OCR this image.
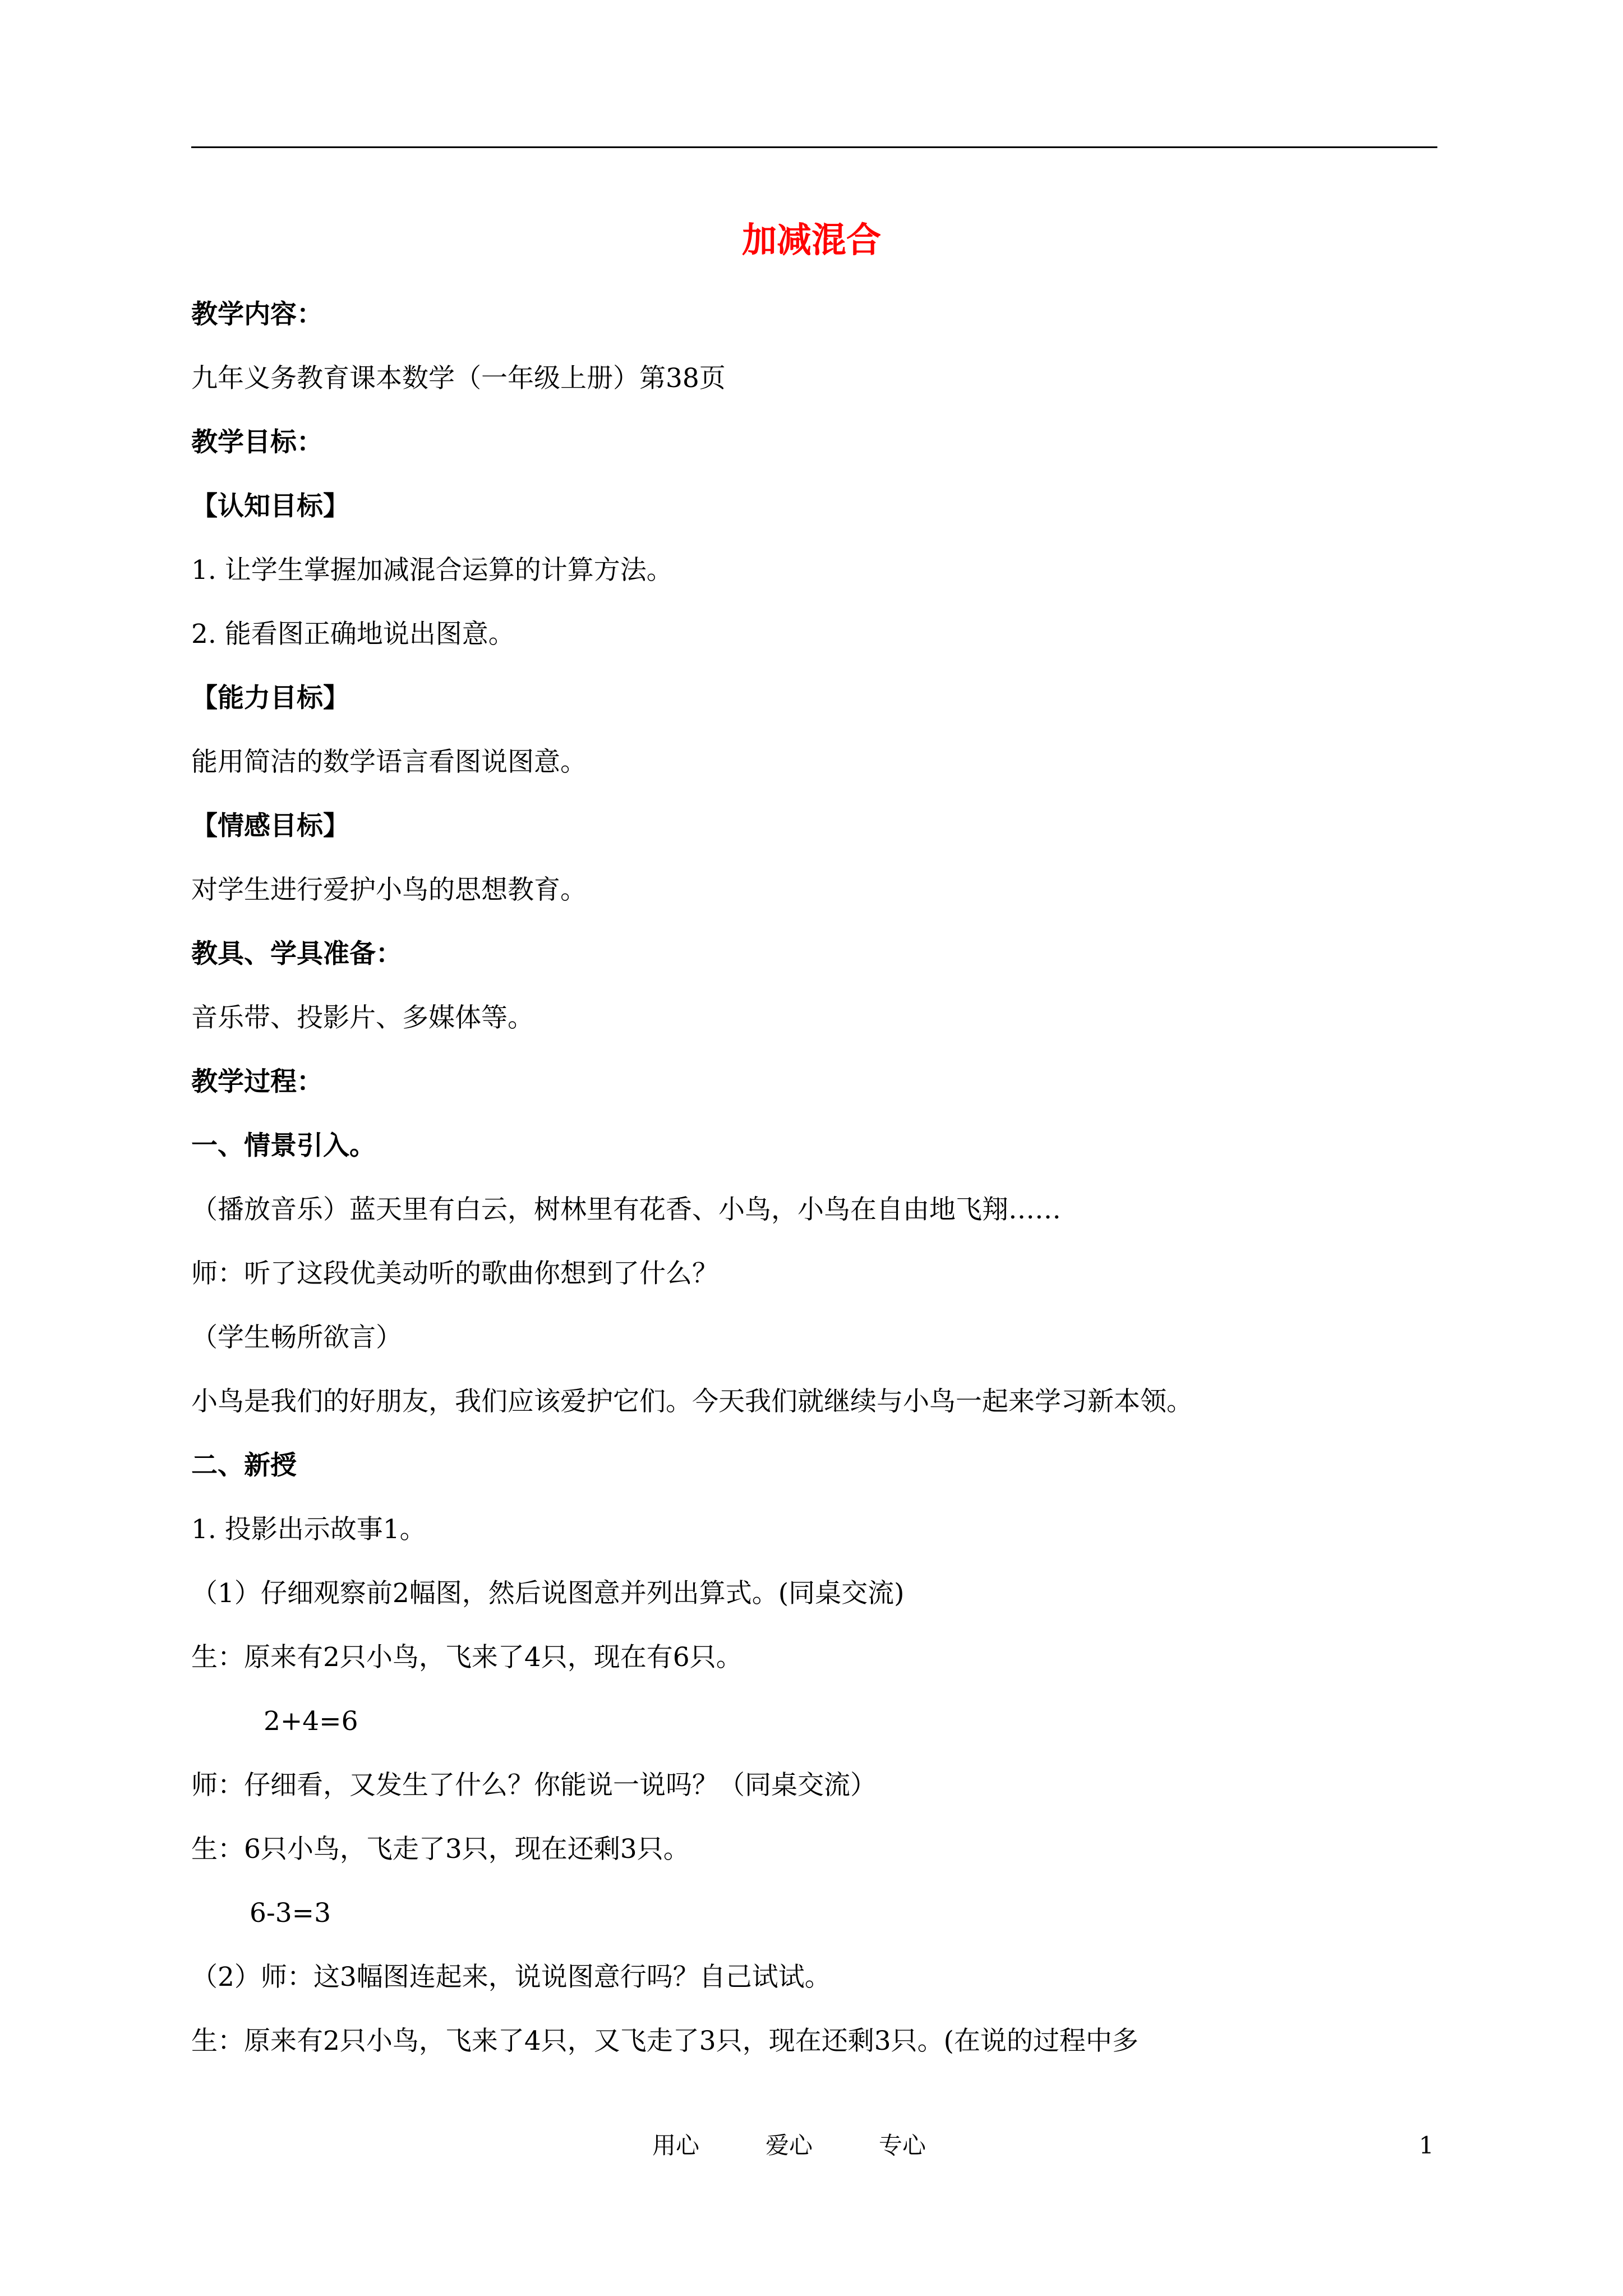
加减混合

教学内容：

九年义务教育课本数学（一年级上册）第38页

教学目标：

【认知目标】

1. 让学生掌握加减混合运算的计算方法。

2. 能看图正确地说出图意。

【能力目标】

能用简洁的数学语言看图说图意。

【情感目标】

对学生进行爱护小鸟的思想教育。

教具、学具准备：

音乐带、投影片、多媒体等。

教学过程：

一、情景引入。

（播放音乐）蓝天里有白云，树林里有花香、小鸟，小鸟在自由地飞翔……

师：听了这段优美动听的歌曲你想到了什么？

（学生畅所欲言）

小鸟是我们的好朋友，我们应该爱护它们。今天我们就继续与小鸟一起来学习新本领。

二、新授

1. 投影出示故事1。

（1）仔细观察前2幅图，然后说图意并列出算式。(同桌交流)

生：原来有2只小鸟，飞来了4只，现在有6只。

2+4=6

师：仔细看，又发生了什么？你能说一说吗？（同桌交流）

生：6只小鸟，飞走了3只，现在还剩3只。

6-3=3

（2）师：这3幅图连起来，说说图意行吗？自己试试。

生：原来有2只小鸟，飞来了4只，又飞走了3只，现在还剩3只。(在说的过程中多

用心	爱心	专心	1
